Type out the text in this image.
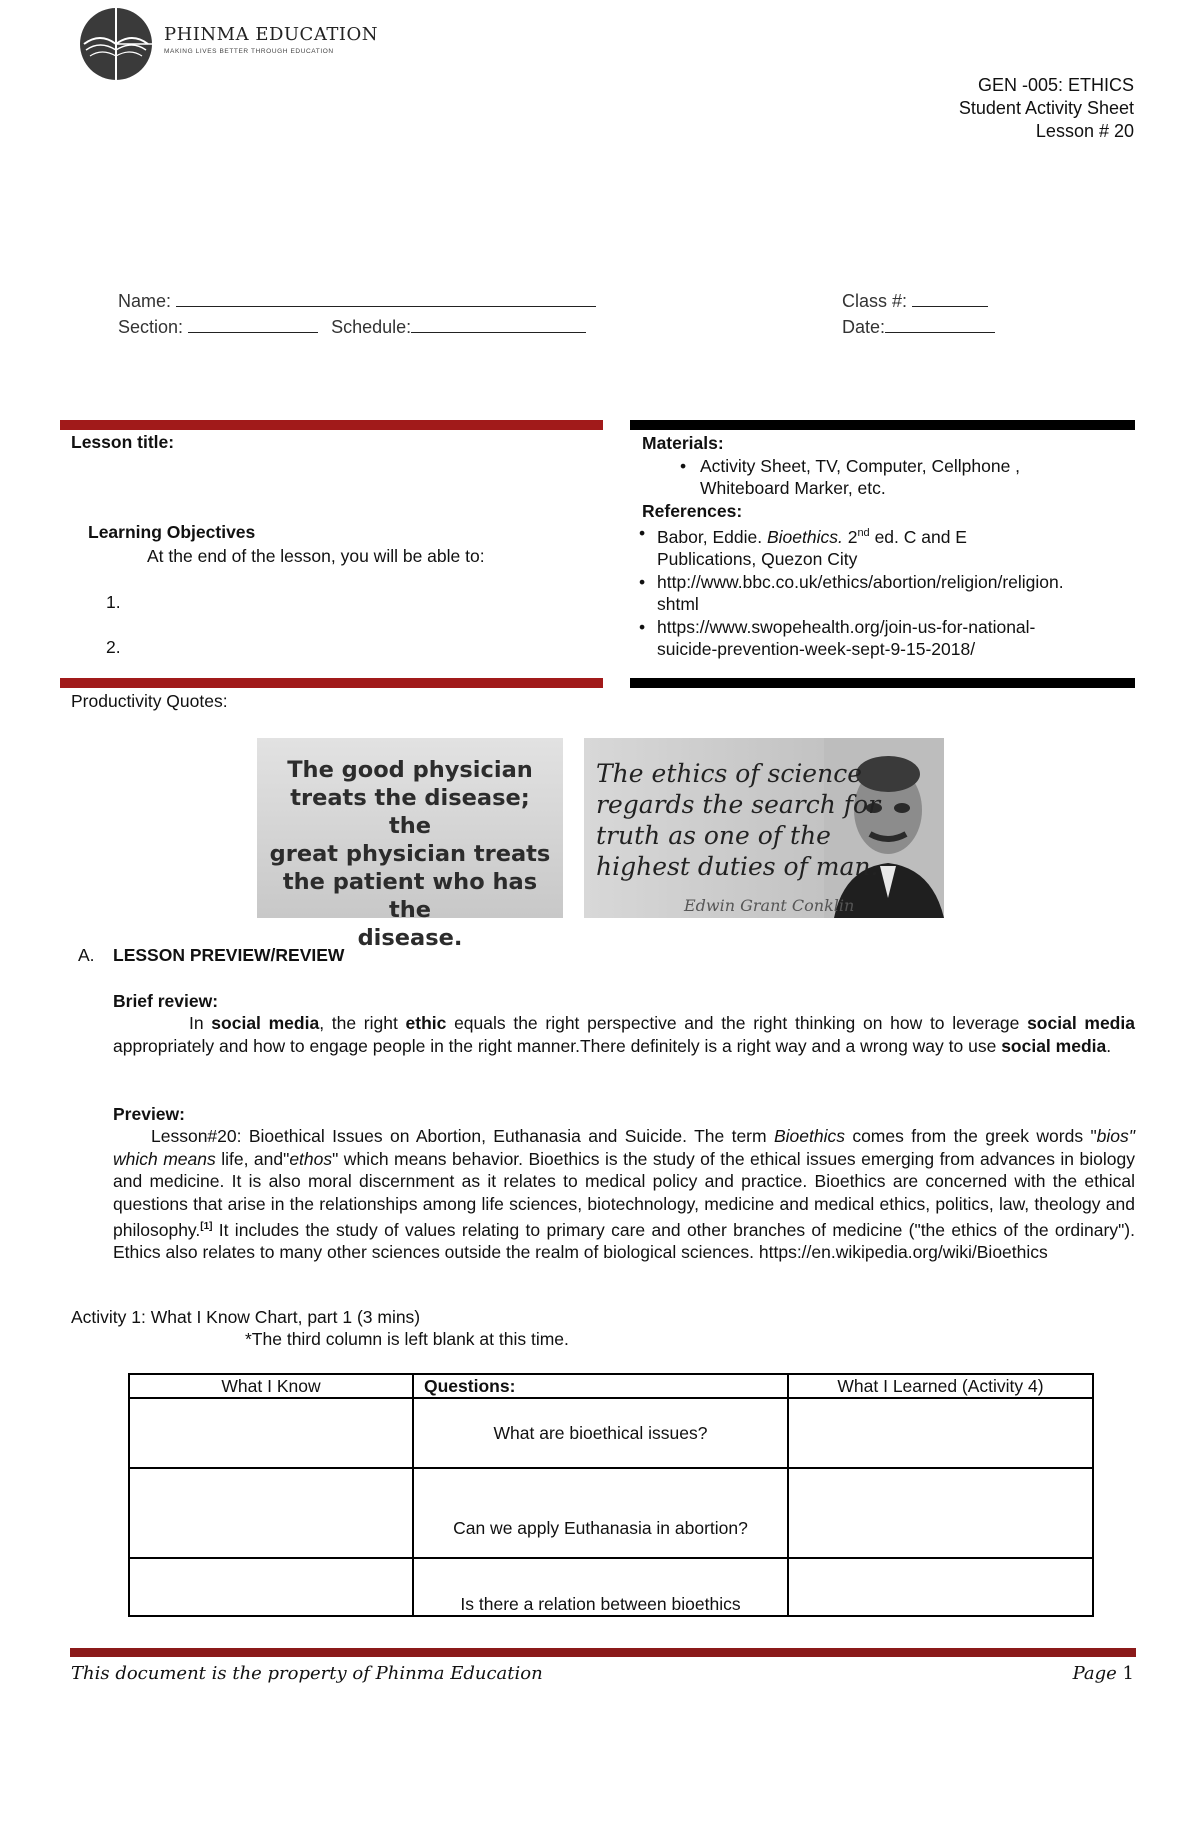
PHINMA EDUCATION
MAKING LIVES BETTER THROUGH EDUCATION
GEN -005: ETHICS
Student Activity Sheet
Lesson # 20
Name:
Section:	Schedule:
Class #:
Date:
Lesson title:
Learning Objectives
At the end of the lesson, you will be able to:
1.
2.
Materials:
• Activity Sheet, TV, Computer, Cellphone ,
Whiteboard Marker, etc.
References:
• Babor, Eddie. Bioethics. 2nd ed. C and E
Publications, Quezon City
• http://www.bbc.co.uk/ethics/abortion/religion/religion.
shtml
• https://www.swopehealth.org/join-us-for-national-
suicide-prevention-week-sept-9-15-2018/
Productivity Quotes:

The good physician
treats the disease; the
great physician treats
the patient who has the
disease.

The ethics of science
regards the search for
truth as one of the
highest duties of man.
Edwin Grant Conklin
A. LESSON PREVIEW/REVIEW
Brief review:
In social media, the right ethic equals the right perspective and the right thinking on how to leverage social media appropriately and how to engage people in the right manner.There definitely is a right way and a wrong way to use social media.
Preview:
Lesson#20: Bioethical Issues on Abortion, Euthanasia and Suicide. The term Bioethics comes from the greek words "bios" which means life, and"ethos" which means behavior. Bioethics is the study of the ethical issues emerging from advances in biology and medicine. It is also moral discernment as it relates to medical policy and practice. Bioethics are concerned with the ethical questions that arise in the relationships among life sciences, biotechnology, medicine and medical ethics, politics, law, theology and philosophy.[1] It includes the study of values relating to primary care and other branches of medicine ("the ethics of the ordinary"). Ethics also relates to many other sciences outside the realm of biological sciences. https://en.wikipedia.org/wiki/Bioethics
Activity 1: What I Know Chart, part 1 (3 mins)
*The third column is left blank at this time.
What I Know	Questions:	What I Learned (Activity 4)
	What are bioethical issues?	
	Can we apply Euthanasia in abortion?	
	Is there a relation between bioethics	
This document is the property of Phinma Education	Page 1
